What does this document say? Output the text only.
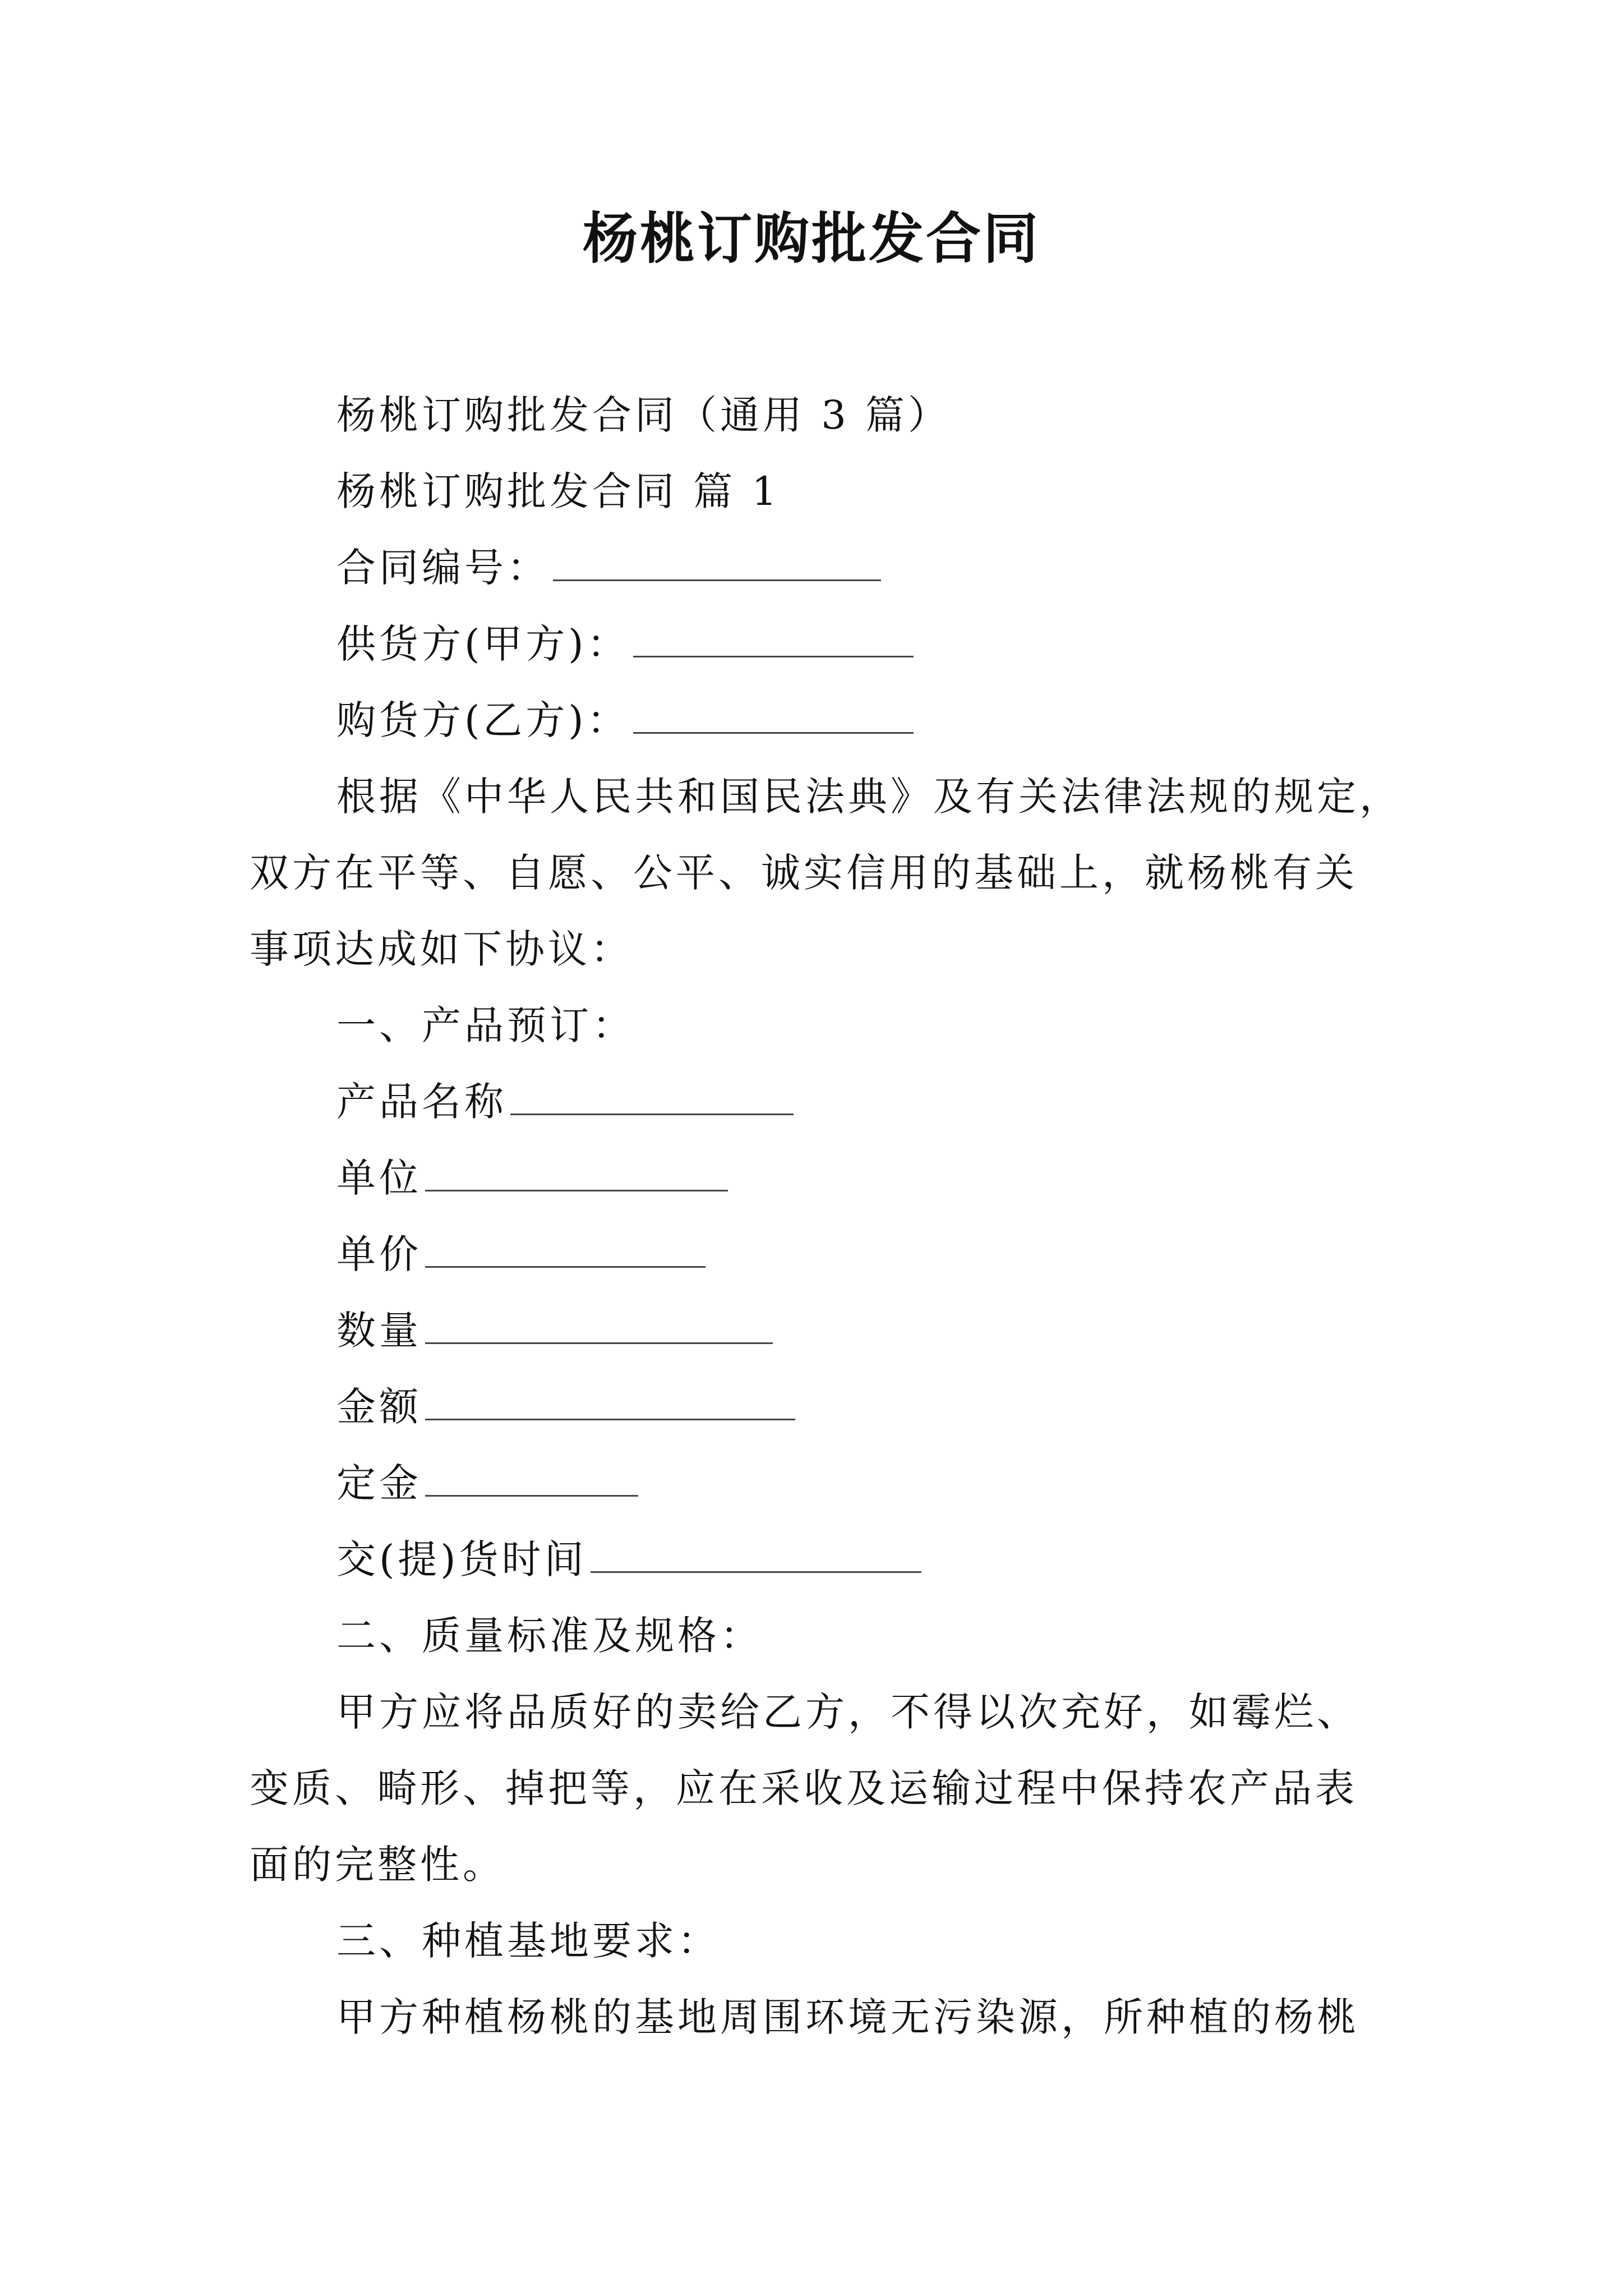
杨桃订购批发合同
杨桃订购批发合同（通用 3 篇）
杨桃订购批发合同 篇 1
合同编号：
供货方(甲方)：
购货方(乙方)：
根据《中华人民共和国民法典》及有关法律法规的规定，
双方在平等、自愿、公平、诚实信用的基础上，就杨桃有关
事项达成如下协议：
一、产品预订：
产品名称
单位
单价
数量
金额
定金
交(提)货时间
二、质量标准及规格：
甲方应将品质好的卖给乙方，不得以次充好，如霉烂、
变质、畸形、掉把等，应在采收及运输过程中保持农产品表
面的完整性。
三、种植基地要求：
甲方种植杨桃的基地周围环境无污染源，所种植的杨桃
